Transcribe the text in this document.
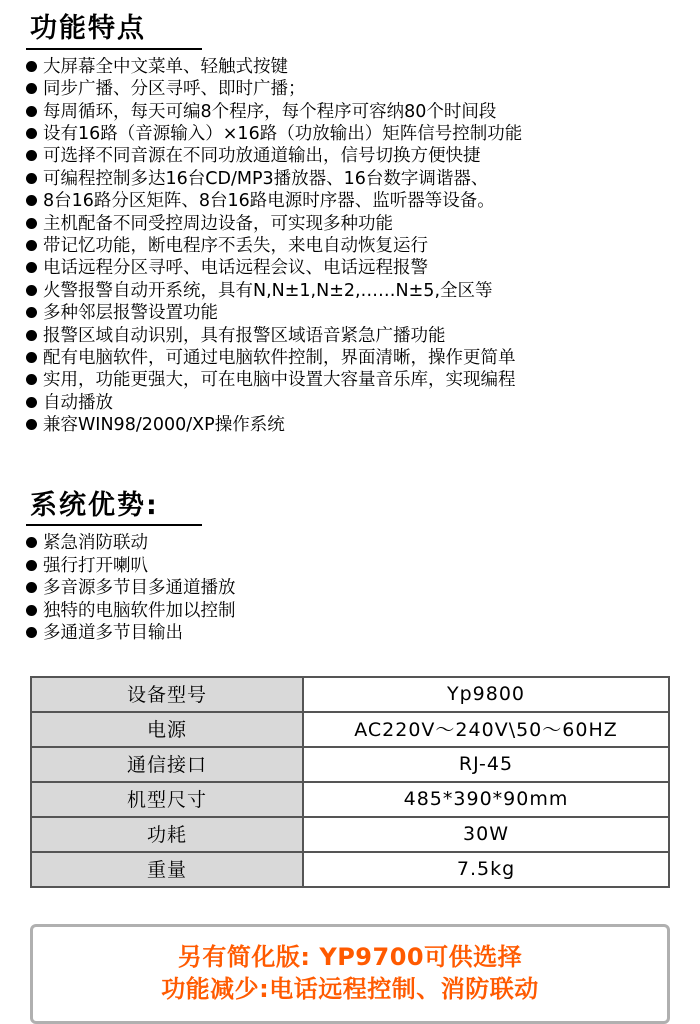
功能特点
大屏幕全中文菜单、轻触式按键
同步广播、分区寻呼、即时广播；
每周循环，每天可编8个程序，每个程序可容纳80个时间段
设有16路（音源输入）×16路（功放输出）矩阵信号控制功能
可选择不同音源在不同功放通道输出，信号切换方便快捷
可编程控制多达16台CD/MP3播放器、16台数字调谐器、
8台16路分区矩阵、8台16路电源时序器、监听器等设备。
主机配备不同受控周边设备，可实现多种功能
带记忆功能，断电程序不丢失，来电自动恢复运行
电话远程分区寻呼、电话远程会议、电话远程报警
火警报警自动开系统，具有N,N±1,N±2,……N±5,全区等
多种邻层报警设置功能
报警区域自动识别，具有报警区域语音紧急广播功能
配有电脑软件，可通过电脑软件控制，界面清晰，操作更简单
实用，功能更强大，可在电脑中设置大容量音乐库，实现编程
自动播放
兼容WIN98/2000/XP操作系统
系统优势:
紧急消防联动
强行打开喇叭
多音源多节目多通道播放
独特的电脑软件加以控制
多通道多节目输出
设备型号	Yp9800
电源	AC220V～240V\50～60HZ
通信接口	RJ-45
机型尺寸	485*390*90mm
功耗	30W
重量	7.5kg
另有简化版: YP9700可供选择
功能减少:电话远程控制、消防联动
